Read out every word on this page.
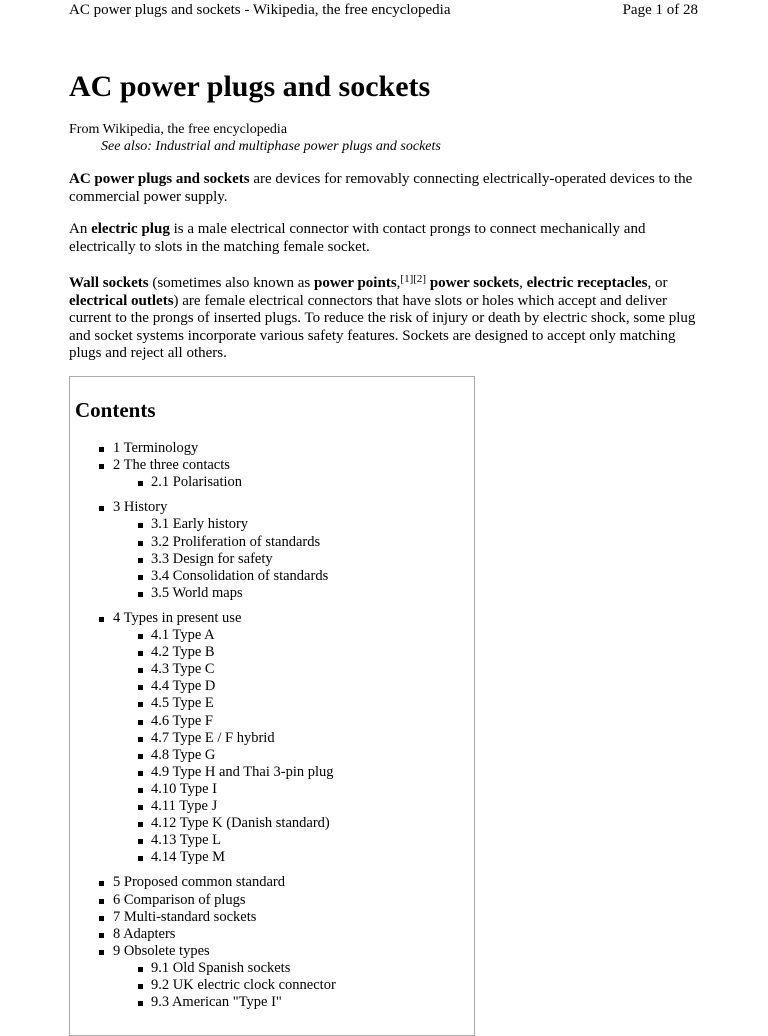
AC power plugs and sockets - Wikipedia, the free encyclopedia	Page 1 of 28
AC power plugs and sockets
From Wikipedia, the free encyclopedia
See also: Industrial and multiphase power plugs and sockets

AC power plugs and sockets are devices for removably connecting electrically-operated devices to the commercial power supply.

An electric plug is a male electrical connector with contact prongs to connect mechanically and electrically to slots in the matching female socket.

Wall sockets (sometimes also known as power points,[1][2] power sockets, electric receptacles, or electrical outlets) are female electrical connectors that have slots or holes which accept and deliver current to the prongs of inserted plugs. To reduce the risk of injury or death by electric shock, some plug and socket systems incorporate various safety features. Sockets are designed to accept only matching plugs and reject all others.

Contents
1 Terminology
2 The three contacts
2.1 Polarisation
3 History
3.1 Early history
3.2 Proliferation of standards
3.3 Design for safety
3.4 Consolidation of standards
3.5 World maps
4 Types in present use
4.1 Type A
4.2 Type B
4.3 Type C
4.4 Type D
4.5 Type E
4.6 Type F
4.7 Type E / F hybrid
4.8 Type G
4.9 Type H and Thai 3-pin plug
4.10 Type I
4.11 Type J
4.12 Type K (Danish standard)
4.13 Type L
4.14 Type M
5 Proposed common standard
6 Comparison of plugs
7 Multi-standard sockets
8 Adapters
9 Obsolete types
9.1 Old Spanish sockets
9.2 UK electric clock connector
9.3 American "Type I"
